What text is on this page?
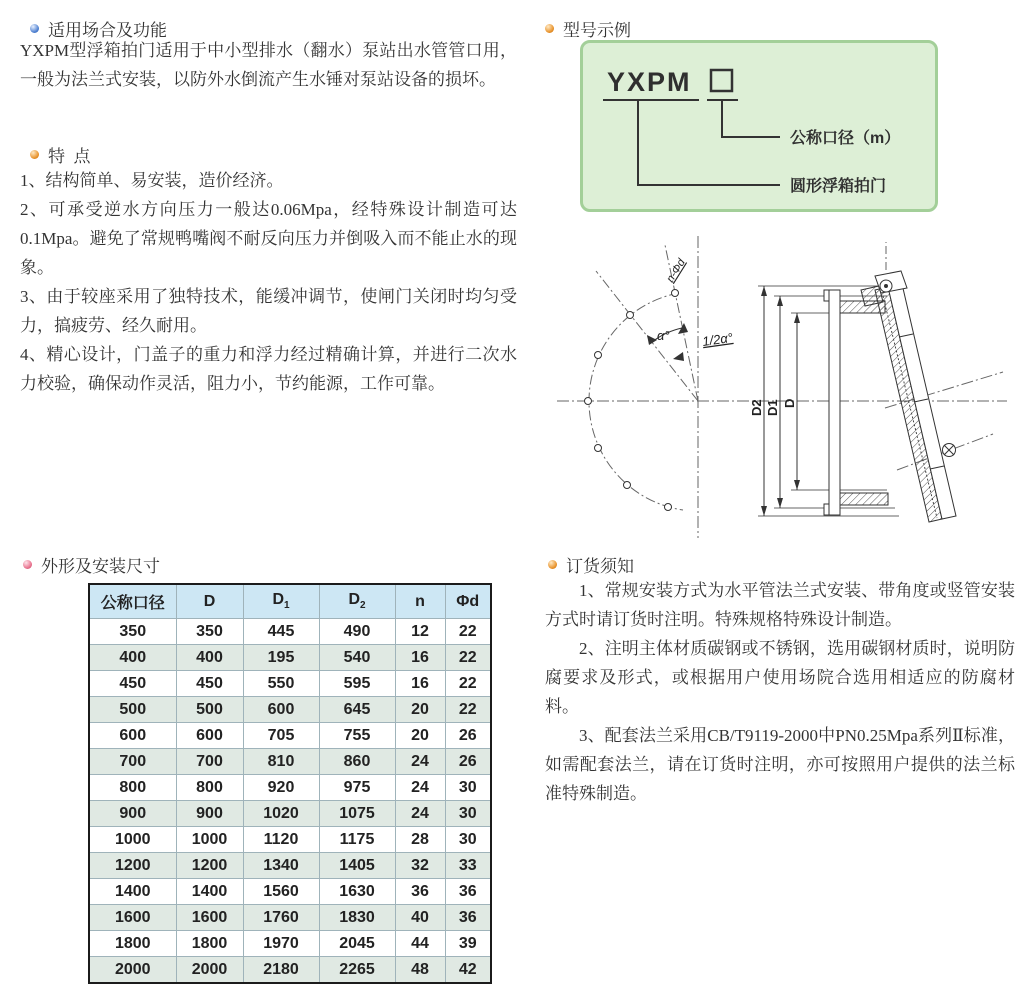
适用场合及功能
YXPM型浮箱拍门适用于中小型排水（翻水）泵站出水管管口用，一般为法兰式安装，以防外水倒流产生水锤对泵站设备的损坏。
特  点
1、结构简单、易安装，造价经济。
2、可承受逆水方向压力一般达0.06Mpa，经特殊设计制造可达0.1Mpa。避免了常规鸭嘴阀不耐反向压力并倒吸入而不能止水的现象。
3、由于较座采用了独特技术，能缓冲调节，使闸门关闭时均匀受力，搞疲劳、经久耐用。
4、精心设计，门盖子的重力和浮力经过精确计算，并进行二次水力校验，确保动作灵活，阻力小，节约能源，工作可靠。
外形及安装尺寸
公称口径	D	$D_1$	$D_2$	n	Φd
350	350	445	490	12	22
400	400	195	540	16	22
450	450	550	595	16	22
500	500	600	645	20	22
600	600	705	755	20	26
700	700	810	860	24	26
800	800	920	975	24	30
900	900	1020	1075	24	30
1000	1000	1120	1175	28	30
1200	1200	1340	1405	32	33
1400	1400	1560	1630	36	36
1600	1600	1760	1830	40	36
1800	1800	1970	2045	44	39
2000	2000	2180	2265	48	42
型号示例
YXPM
公称口径（m）
圆形浮箱拍门
α° 1/2α°
n-Φd
D2 D1 D
订货须知

1、常规安装方式为水平管法兰式安装、带角度或竖管安装方式时请订货时注明。特殊规格特殊设计制造。

2、注明主体材质碳钢或不锈钢，选用碳钢材质时，说明防腐要求及形式，或根据用户使用场院合选用相适应的防腐材料。

3、配套法兰采用CB/T9119-2000中PN0.25Mpa系列Ⅱ标准，如需配套法兰，请在订货时注明，亦可按照用户提供的法兰标准特殊制造。
